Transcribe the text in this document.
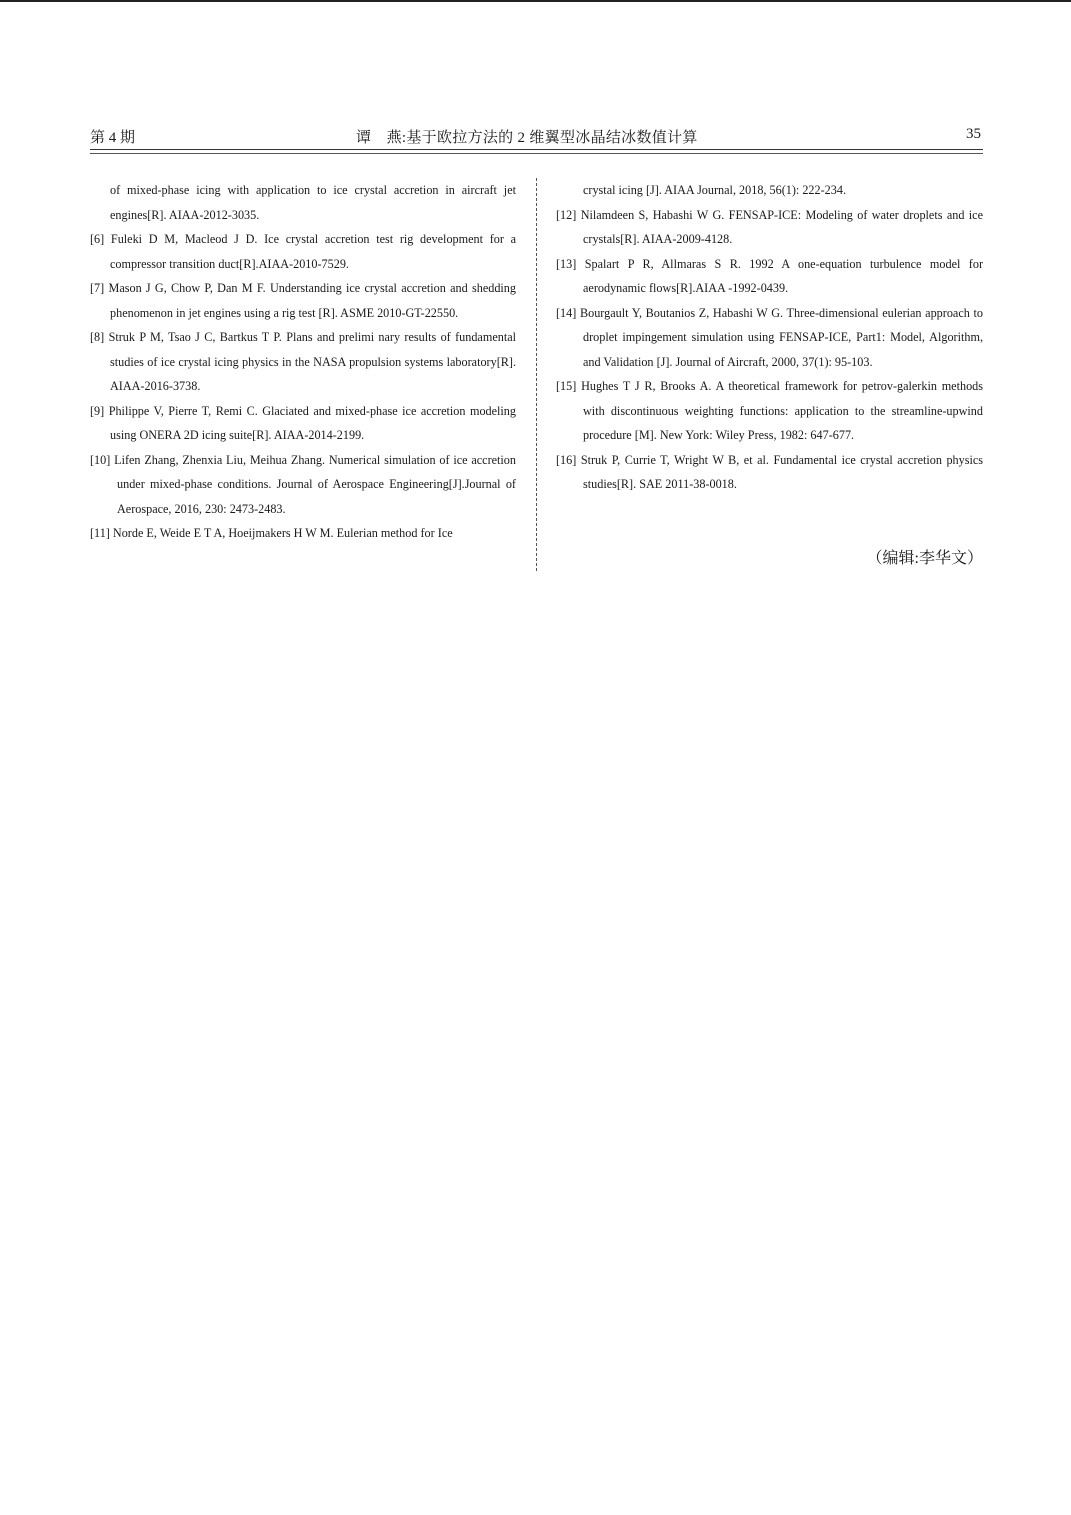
第 4 期	谭　燕:基于欧拉方法的 2 维翼型冰晶结冰数值计算	35

of mixed-phase icing with application to ice crystal accretion in aircraft jet engines[R]. AIAA-2012-3035.

[6] Fuleki D M, Macleod J D. Ice crystal accretion test rig development for a compressor transition duct[R].AIAA-2010-7529.

[7] Mason J G, Chow P, Dan M F. Understanding ice crystal accretion and shedding phenomenon in jet engines using a rig test [R]. ASME 2010-GT-22550.

[8] Struk P M, Tsao J C, Bartkus T P. Plans and prelimi nary results of fundamental studies of ice crystal icing physics in the NASA propulsion systems laboratory[R]. AIAA-2016-3738.

[9] Philippe V, Pierre T, Remi C. Glaciated and mixed-phase ice accretion modeling using ONERA 2D icing suite[R]. AIAA-2014-2199.

[10] Lifen Zhang, Zhenxia Liu, Meihua Zhang. Numerical simulation of ice accretion under mixed-phase conditions. Journal of Aerospace Engineering[J].Journal of Aerospace, 2016, 230: 2473-2483.

[11] Norde E, Weide E T A, Hoeijmakers H W M. Eulerian method for Ice

crystal icing [J]. AIAA Journal, 2018, 56(1): 222-234.

[12] Nilamdeen S, Habashi W G. FENSAP-ICE: Modeling of water droplets and ice crystals[R]. AIAA-2009-4128.

[13] Spalart P R, Allmaras S R. 1992 A one-equation turbulence model for aerodynamic flows[R].AIAA -1992-0439.

[14] Bourgault Y, Boutanios Z, Habashi W G. Three-dimensional eulerian approach to droplet impingement simulation using FENSAP-ICE, Part1: Model, Algorithm, and Validation [J]. Journal of Aircraft, 2000, 37(1): 95-103.

[15] Hughes T J R, Brooks A. A theoretical framework for petrov-galerkin methods with discontinuous weighting functions: application to the streamline-upwind procedure [M]. New York: Wiley Press, 1982: 647-677.

[16] Struk P, Currie T, Wright W B, et al. Fundamental ice crystal accretion physics studies[R]. SAE 2011-38-0018.

（编辑:李华文）
